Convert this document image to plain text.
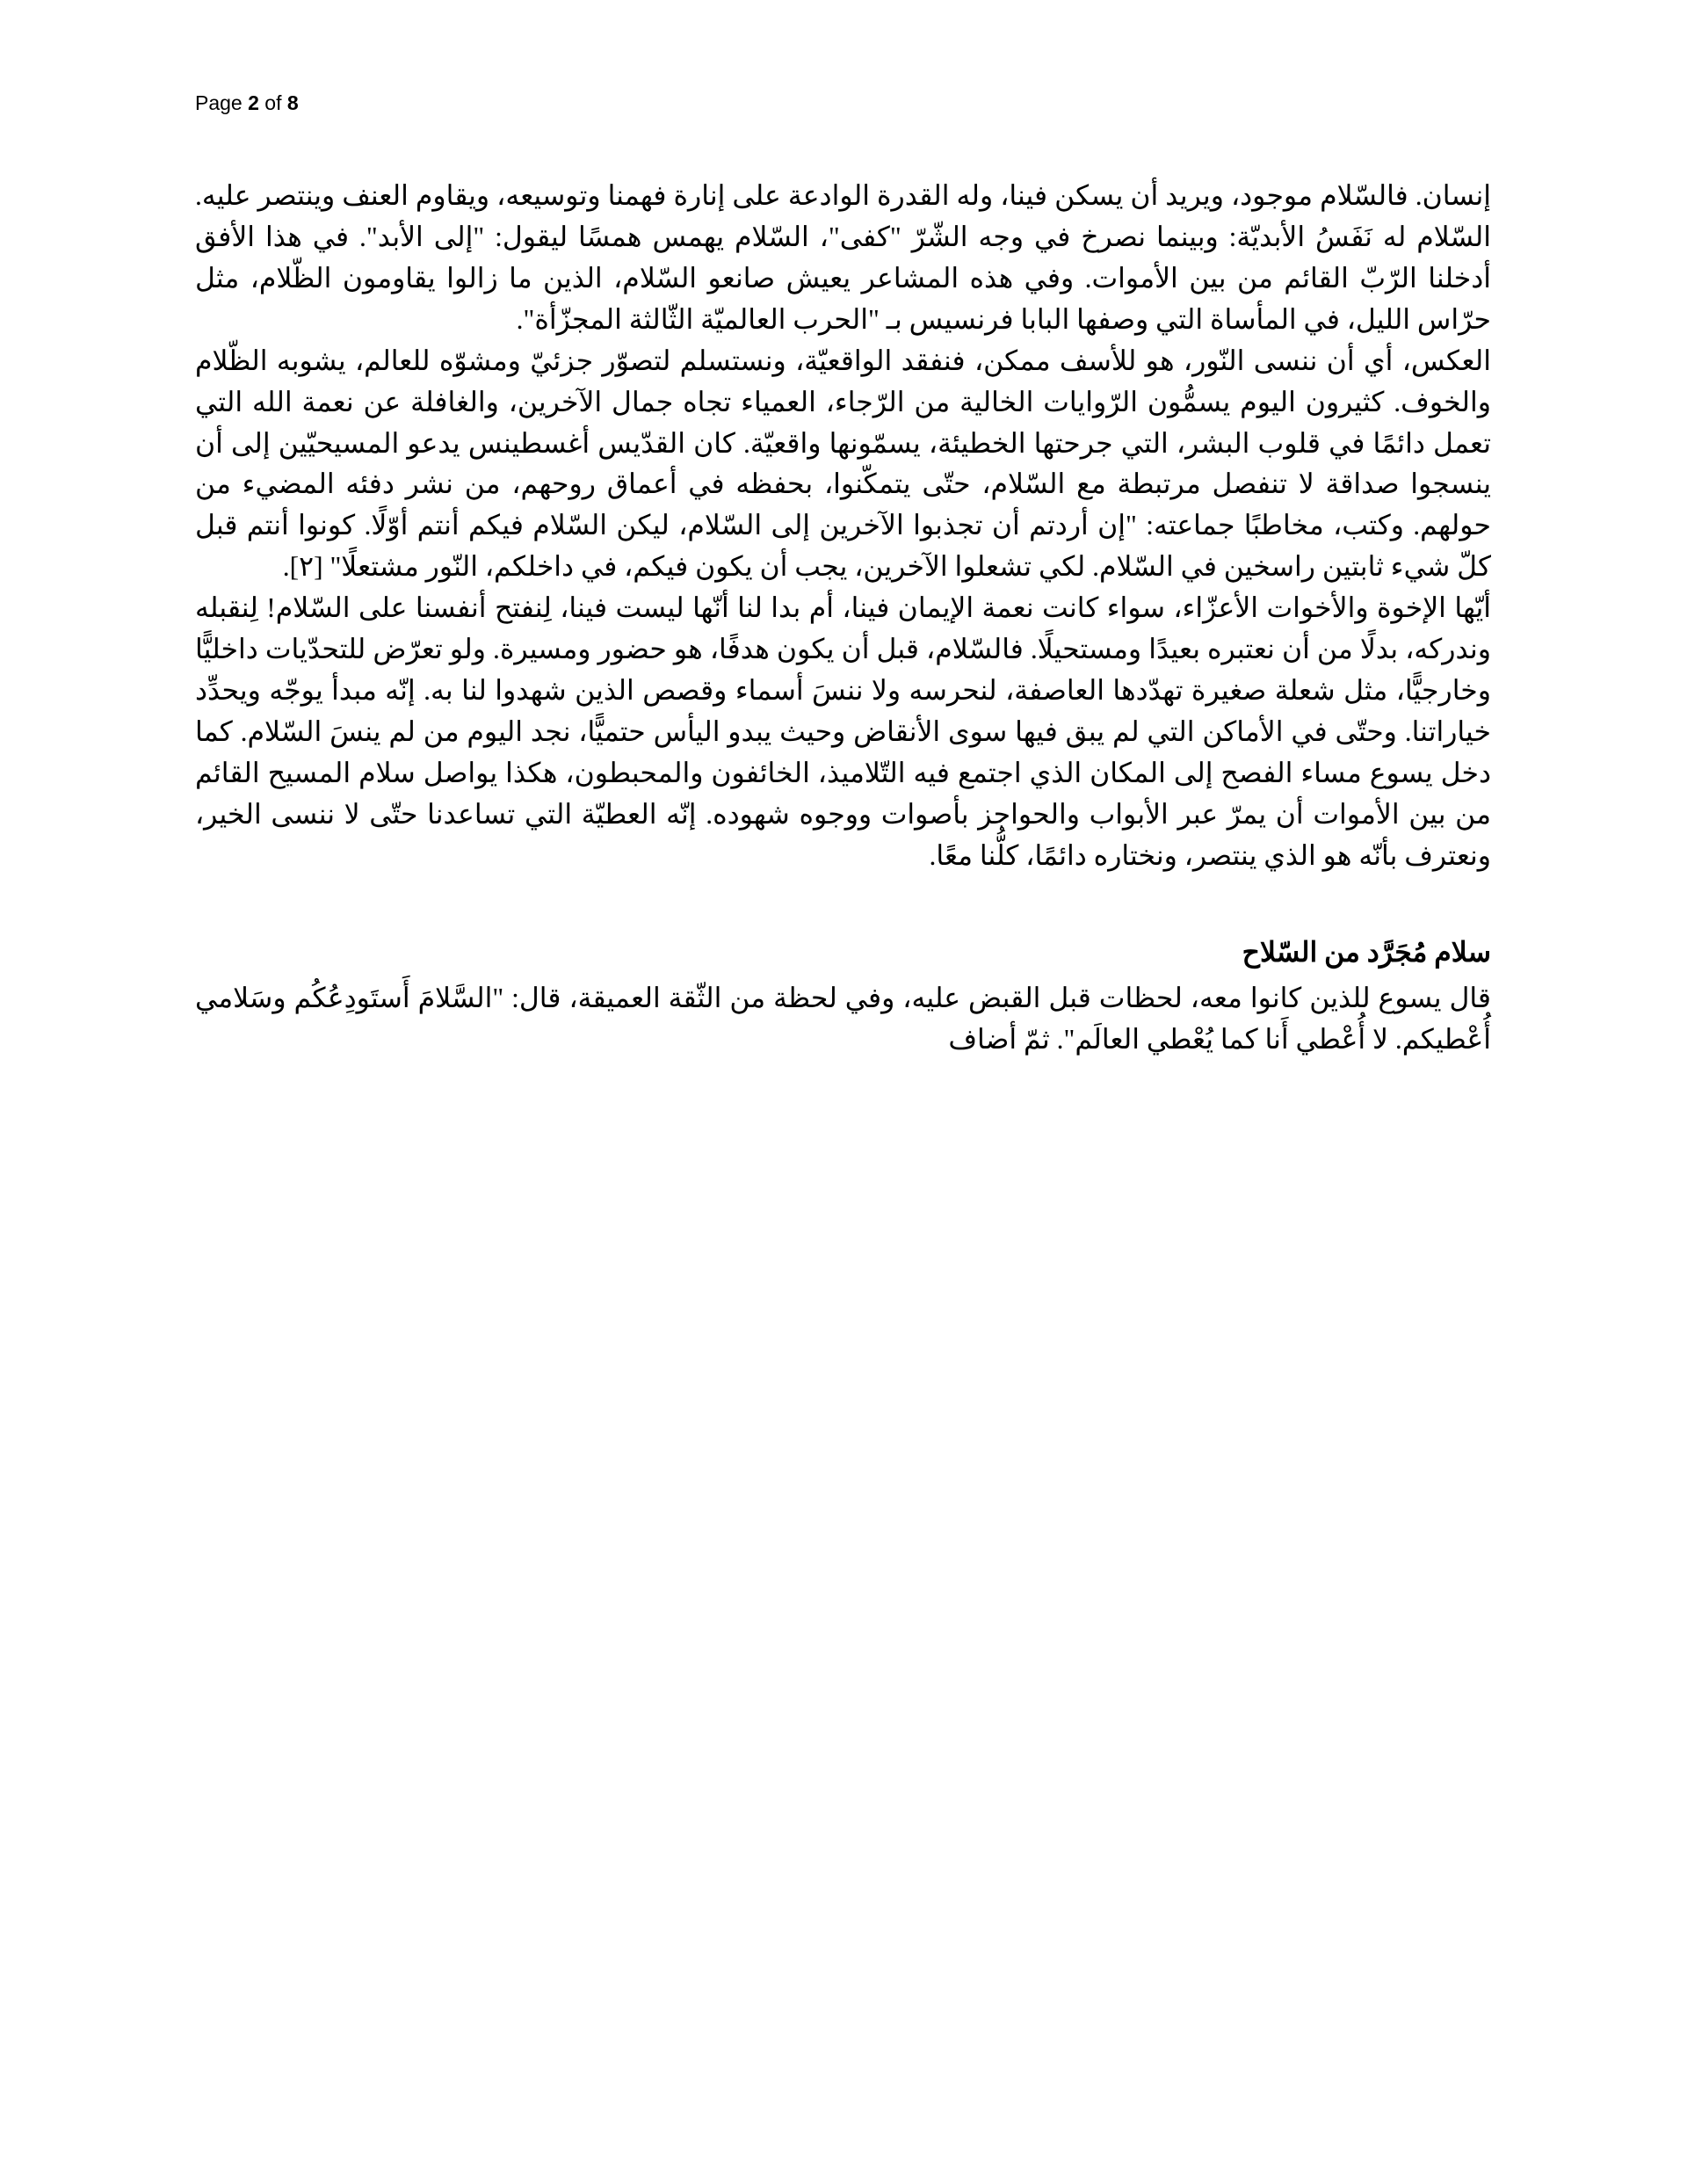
Page 2 of 8

إنسان. فالسّلام موجود، ويريد أن يسكن فينا، وله القدرة الوادعة على إنارة فهمنا وتوسيعه، ويقاوم العنف وينتصر عليه. السّلام له نَفَسُ الأبديّة: وبينما نصرخ في وجه الشّرّ "كفى"، السّلام يهمس همسًا ليقول: "إلى الأبد". في هذا الأفق أدخلنا الرّبّ القائم من بين الأموات. وفي هذه المشاعر يعيش صانعو السّلام، الذين ما زالوا يقاومون الظّلام، مثل حرّاس الليل، في المأساة التي وصفها البابا فرنسيس بـ "الحرب العالميّة الثّالثة المجزّأة".

العكس، أي أن ننسى النّور، هو للأسف ممكن، فنفقد الواقعيّة، ونستسلم لتصوّر جزئيّ ومشوّه للعالم، يشوبه الظّلام والخوف. كثيرون اليوم يسمُّون الرّوايات الخالية من الرّجاء، العمياء تجاه جمال الآخرين، والغافلة عن نعمة الله التي تعمل دائمًا في قلوب البشر، التي جرحتها الخطيئة، يسمّونها واقعيّة. كان القدّيس أغسطينس يدعو المسيحيّين إلى أن ينسجوا صداقة لا تنفصل مرتبطة مع السّلام، حتّى يتمكّنوا، بحفظه في أعماق روحهم، من نشر دفئه المضيء من حولهم. وكتب، مخاطبًا جماعته: "إن أردتم أن تجذبوا الآخرين إلى السّلام، ليكن السّلام فيكم أنتم أوّلًا. كونوا أنتم قبل كلّ شيء ثابتين راسخين في السّلام. لكي تشعلوا الآخرين، يجب أن يكون فيكم، في داخلكم، النّور مشتعلًا" [٢].

أيّها الإخوة والأخوات الأعزّاء، سواء كانت نعمة الإيمان فينا، أم بدا لنا أنّها ليست فينا، لِنفتح أنفسنا على السّلام! لِنقبله وندركه، بدلًا من أن نعتبره بعيدًا ومستحيلًا. فالسّلام، قبل أن يكون هدفًا، هو حضور ومسيرة. ولو تعرّض للتحدّيات داخليًّا وخارجيًّا، مثل شعلة صغيرة تهدّدها العاصفة، لنحرسه ولا ننسَ أسماء وقصص الذين شهدوا لنا به. إنّه مبدأ يوجّه ويحدِّد خياراتنا. وحتّى في الأماكن التي لم يبق فيها سوى الأنقاض وحيث يبدو اليأس حتميًّا، نجد اليوم من لم ينسَ السّلام. كما دخل يسوع مساء الفصح إلى المكان الذي اجتمع فيه التّلاميذ، الخائفون والمحبطون، هكذا يواصل سلام المسيح القائم من بين الأموات أن يمرّ عبر الأبواب والحواجز بأصوات ووجوه شهوده. إنّه العطيّة التي تساعدنا حتّى لا ننسى الخير، ونعترف بأنّه هو الذي ينتصر، ونختاره دائمًا، كلُّنا معًا.

سلام مُجَرَّد من السّلاح

قال يسوع للذين كانوا معه، لحظات قبل القبض عليه، وفي لحظة من الثّقة العميقة، قال: "السَّلامَ أَستَودِعُكُم وسَلامي أُعْطيكم. لا أُعْطي أَنا كما يُعْطي العالَم". ثمّ أضاف
